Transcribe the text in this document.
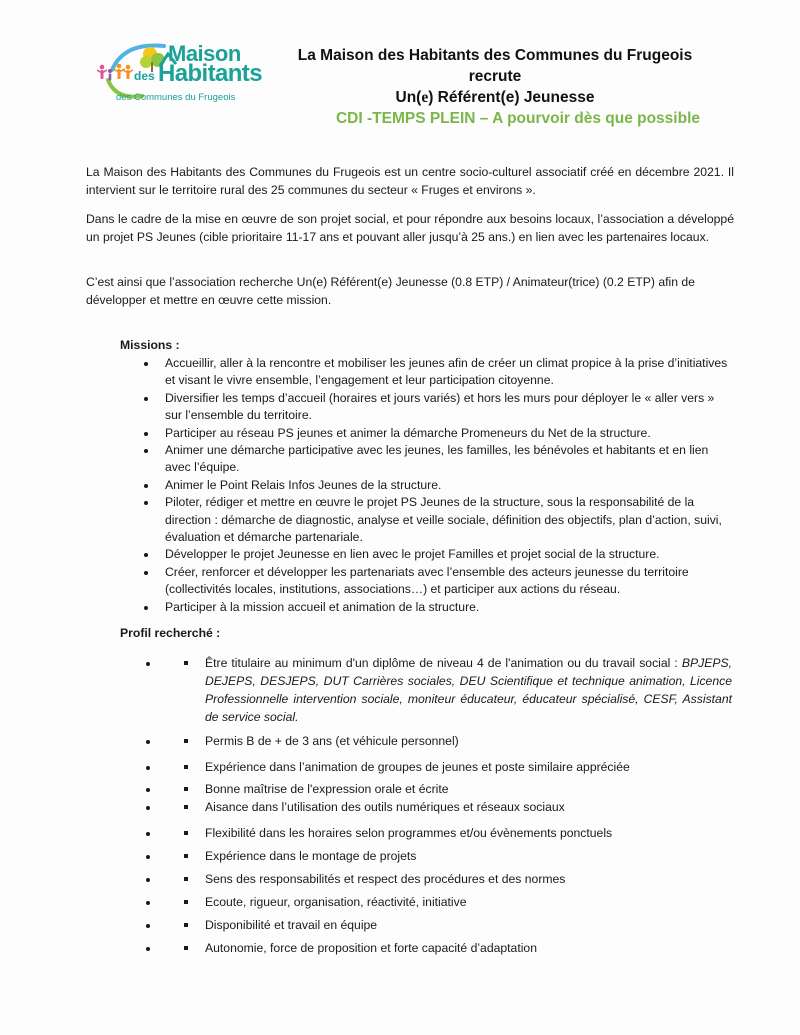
Maison
des Habitants
des Communes du Frugeois
La Maison des Habitants des Communes du Frugeois
recrute
Un(e) Référent(e) Jeunesse
CDI -TEMPS PLEIN – A pourvoir dès que possible

La Maison des Habitants des Communes du Frugeois est un centre socio-culturel associatif créé en décembre 2021. Il intervient sur le territoire rural des 25 communes du secteur « Fruges et environs ».

Dans le cadre de la mise en œuvre de son projet social, et pour répondre aux besoins locaux, l’association a développé un projet PS Jeunes (cible prioritaire 11-17 ans et pouvant aller jusqu’à 25 ans.) en lien avec les partenaires locaux.

C’est ainsi que l’association recherche Un(e) Référent(e) Jeunesse (0.8 ETP) / Animateur(trice) (0.2 ETP) afin de développer et mettre en œuvre cette mission.

Missions :
Accueillir, aller à la rencontre et mobiliser les jeunes afin de créer un climat propice à la prise d’initiatives et visant le vivre ensemble, l’engagement et leur participation citoyenne.
Diversifier les temps d’accueil (horaires et jours variés) et hors les murs pour déployer le « aller vers » sur l’ensemble du territoire.
Participer au réseau PS jeunes et animer la démarche Promeneurs du Net de la structure.
Animer une démarche participative avec les jeunes, les familles, les bénévoles et habitants et en lien avec l’équipe.
Animer le Point Relais Infos Jeunes de la structure.
Piloter, rédiger et mettre en œuvre le projet PS Jeunes de la structure, sous la responsabilité de la direction : démarche de diagnostic, analyse et veille sociale, définition des objectifs, plan d’action, suivi, évaluation et démarche partenariale.
Développer le projet Jeunesse en lien avec le projet Familles et projet social de la structure.
Créer, renforcer et développer les partenariats avec l’ensemble des acteurs jeunesse du territoire (collectivités locales, institutions, associations…) et participer aux actions du réseau.
Participer à la mission accueil et animation de la structure.
Profil recherché :
• Être titulaire au minimum d'un diplôme de niveau 4 de l'animation ou du travail social : BPJEPS, DEJEPS, DESJEPS, DUT Carrières sociales, DEU Scientifique et technique animation, Licence Professionnelle intervention sociale, moniteur éducateur, éducateur spécialisé, CESF, Assistant de service social.
• Permis B de + de 3 ans (et véhicule personnel)
• Expérience dans l’animation de groupes de jeunes et poste similaire appréciée
• Bonne maîtrise de l'expression orale et écrite
• Aisance dans l’utilisation des outils numériques et réseaux sociaux
• Flexibilité dans les horaires selon programmes et/ou évènements ponctuels
• Expérience dans le montage de projets
• Sens des responsabilités et respect des procédures et des normes
• Ecoute, rigueur, organisation, réactivité, initiative
• Disponibilité et travail en équipe
• Autonomie, force de proposition et forte capacité d’adaptation
